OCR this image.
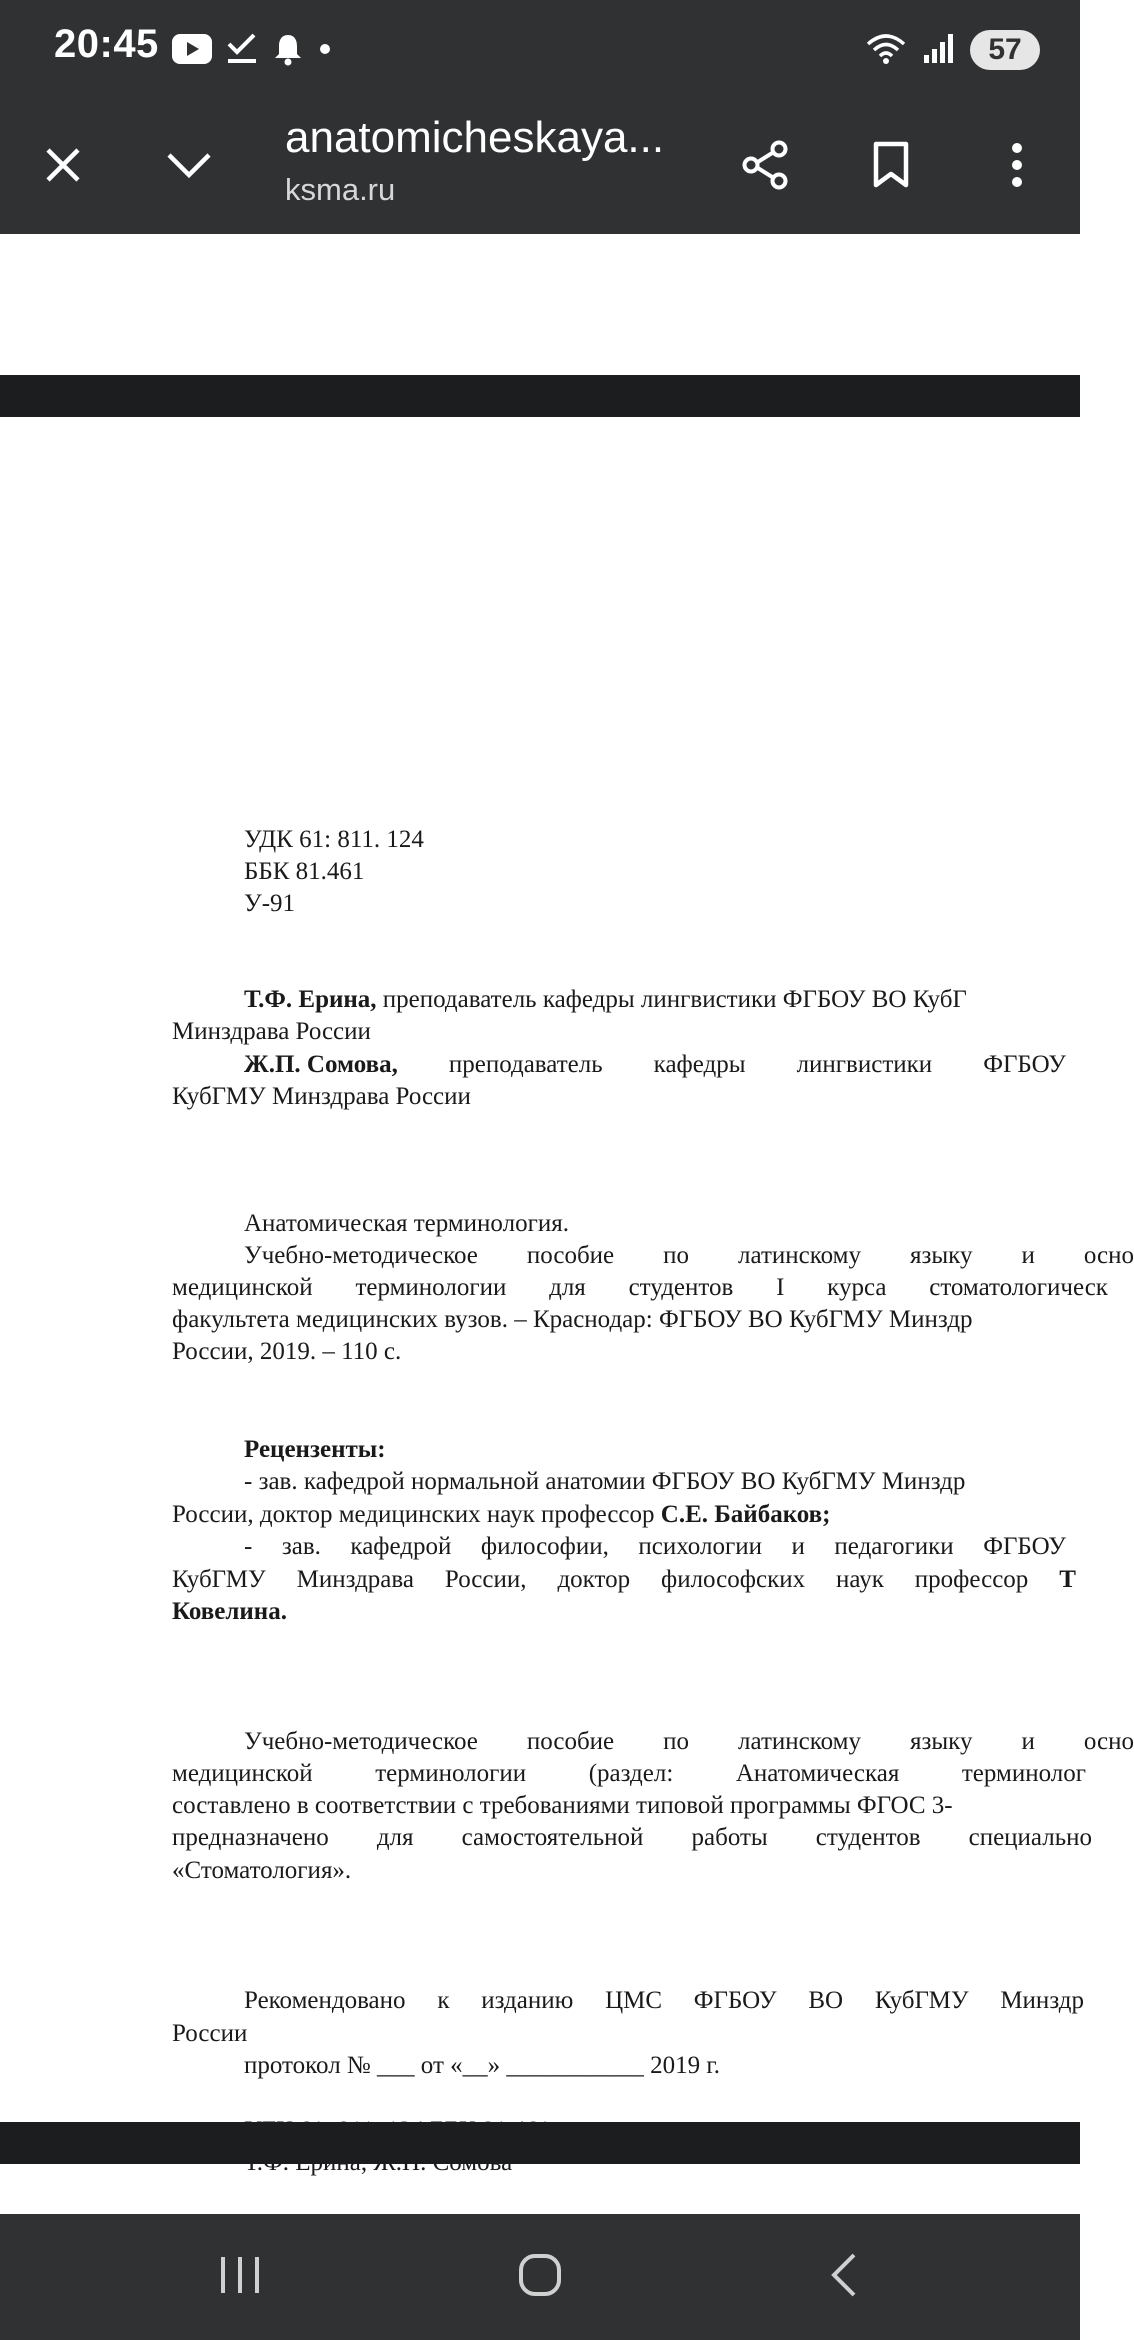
20:45	57
anatomicheskaya...
ksma.ru
УДК 61: 811. 124
ББК 81.461
У-91
Т.Ф. Ерина, преподаватель кафедры лингвистики ФГБОУ ВО КубГ
Минздрава России
Ж.П. Сомова, преподаватель кафедры лингвистики ФГБОУ
КубГМУ Минздрава России
Анатомическая терминология.
Учебно-методическое пособие по латинскому языку и осно
медицинской терминологии для студентов I курса стоматологическ
факультета медицинских вузов. – Краснодар: ФГБОУ ВО КубГМУ Минздр
России, 2019. – 110 с.
Рецензенты:
- зав. кафедрой нормальной анатомии ФГБОУ ВО КубГМУ Минздр
России, доктор медицинских наук профессор С.Е. Байбаков;
- зав. кафедрой философии, психологии и педагогики ФГБОУ
КубГМУ Минздрава России, доктор философских наук профессор Т
Ковелина.
Учебно-методическое пособие по латинскому языку и осно
медицинской	терминологии	(раздел:	Анатомическая	терминолог
составлено в соответствии с требованиями типовой программы ФГОС 3-
предназначено для самостоятельной работы студентов специально
«Стоматология».
Рекомендовано к изданию ЦМС ФГБОУ ВО КубГМУ Минздр
России
протокол № ___ от «__» ___________ 2019 г.
